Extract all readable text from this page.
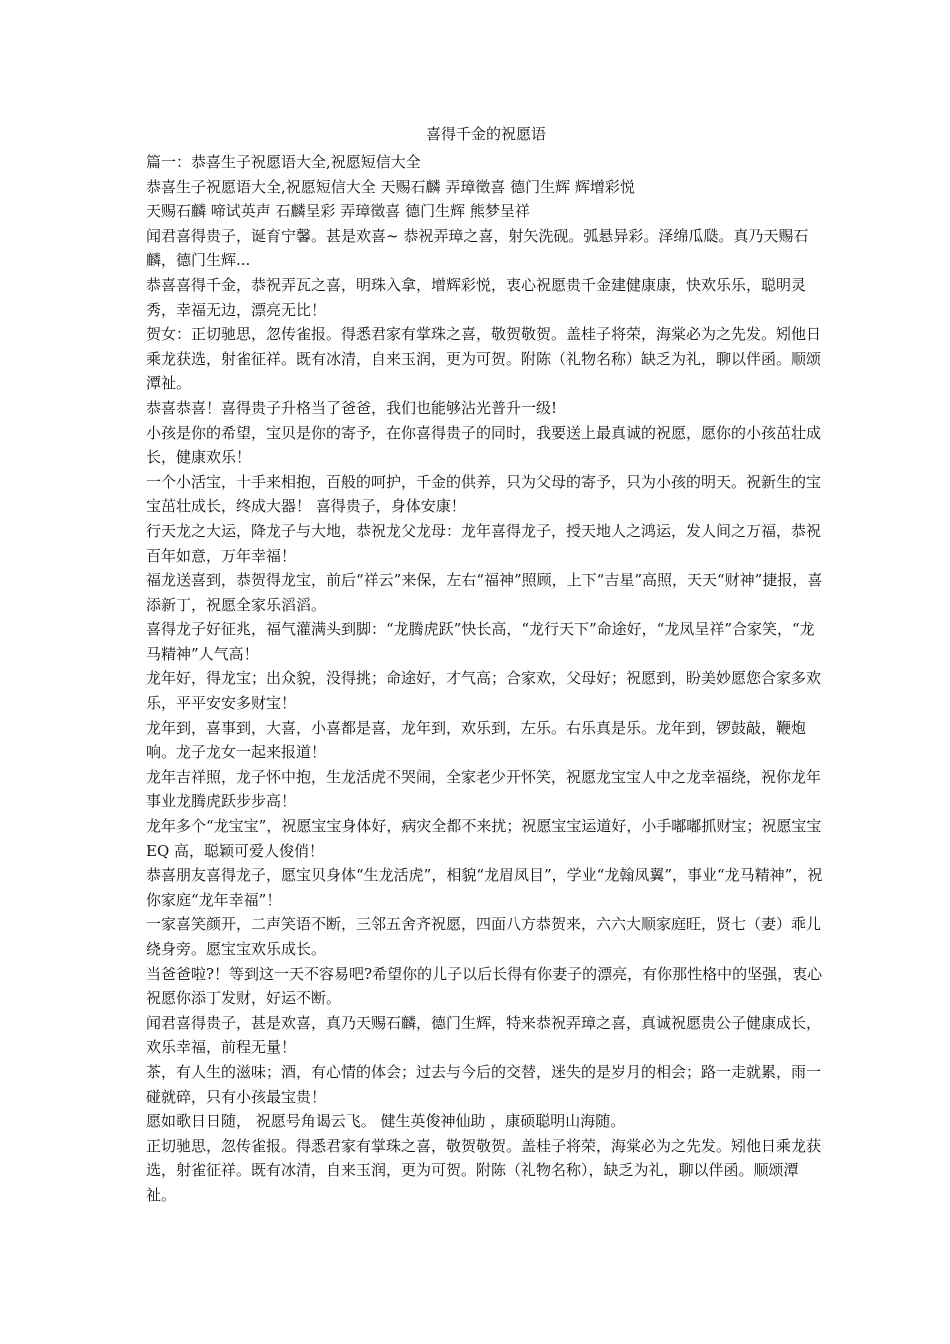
喜得千金的祝愿语

篇一：恭喜生子祝愿语大全,祝愿短信大全

恭喜生子祝愿语大全,祝愿短信大全 天赐石麟 弄璋徵喜 德门生辉 辉增彩悦

天赐石麟 啼试英声 石麟呈彩 弄璋徵喜 德门生辉 熊梦呈祥

闻君喜得贵子，诞育宁馨。甚是欢喜~ 恭祝弄璋之喜，射矢洗砚。弧悬异彩。泽绵瓜瓞。真乃天赐石麟，德门生辉...

恭喜喜得千金，恭祝弄瓦之喜，明珠入拿，增辉彩悦，衷心祝愿贵千金建健康康，快欢乐乐，聪明灵秀，幸福无边，漂亮无比！

贺女：正切驰思，忽传雀报。得悉君家有掌珠之喜，敬贺敬贺。盖桂子将荣，海棠必为之先发。矧他日乘龙获选，射雀征祥。既有冰清，自来玉润，更为可贺。附陈（礼物名称）缺乏为礼，聊以伴函。顺颂潭祉。

恭喜恭喜！喜得贵子升格当了爸爸，我们也能够沾光普升一级!

小孩是你的希望，宝贝是你的寄予，在你喜得贵子的同时，我要送上最真诚的祝愿，愿你的小孩茁壮成长，健康欢乐！

一个小活宝，十手来相抱，百般的呵护，千金的供养，只为父母的寄予，只为小孩的明天。祝新生的宝宝茁壮成长，终成大器！ 喜得贵子，身体安康！

行天龙之大运，降龙子与大地，恭祝龙父龙母：龙年喜得龙子，授天地人之鸿运，发人间之万福，恭祝百年如意，万年幸福！

福龙送喜到，恭贺得龙宝，前后“祥云”来保，左右“福神”照顾，上下“吉星”高照，天天“财神”捷报，喜添新丁，祝愿全家乐滔滔。

喜得龙子好征兆，福气灌满头到脚：“龙腾虎跃”快长高，“龙行天下”命途好，“龙凤呈祥”合家笑，“龙马精神”人气高！

龙年好，得龙宝；出众貌，没得挑；命途好，才气高；合家欢，父母好；祝愿到，盼美妙愿您合家多欢乐，平平安安多财宝！

龙年到，喜事到，大喜，小喜都是喜，龙年到，欢乐到，左乐。右乐真是乐。龙年到，锣鼓敲，鞭炮响。龙子龙女一起来报道！

龙年吉祥照，龙子怀中抱，生龙活虎不哭闹，全家老少开怀笑，祝愿龙宝宝人中之龙幸福绕，祝你龙年事业龙腾虎跃步步高！

龙年多个“龙宝宝”，祝愿宝宝身体好，病灾全都不来扰；祝愿宝宝运道好，小手嘟嘟抓财宝；祝愿宝宝 EQ 高，聪颖可爱人俊俏！

恭喜朋友喜得龙子，愿宝贝身体“生龙活虎”，相貌“龙眉凤目”，学业“龙翰凤翼”，事业“龙马精神”，祝你家庭“龙年幸福”！

一家喜笑颜开，二声笑语不断，三邻五舍齐祝愿，四面八方恭贺来，六六大顺家庭旺，贤七（妻）乖儿绕身旁。愿宝宝欢乐成长。

当爸爸啦?！等到这一天不容易吧?希望你的儿子以后长得有你妻子的漂亮，有你那性格中的坚强，衷心祝愿你添丁发财，好运不断。

闻君喜得贵子，甚是欢喜，真乃天赐石麟，德门生辉，特来恭祝弄璋之喜，真诚祝愿贵公子健康成长，欢乐幸福，前程无量！

茶，有人生的滋味；酒，有心情的体会；过去与今后的交替，迷失的是岁月的相会；路一走就累，雨一碰就碎，只有小孩最宝贵！

愿如歌日日随， 祝愿号角谒云飞。 健生英俊神仙助 ，康硕聪明山海随。

正切驰思，忽传雀报。得悉君家有掌珠之喜，敬贺敬贺。盖桂子将荣，海棠必为之先发。矧他日乘龙获选，射雀征祥。既有冰清，自来玉润，更为可贺。附陈（礼物名称），缺乏为礼，聊以伴函。顺颂潭祉。
